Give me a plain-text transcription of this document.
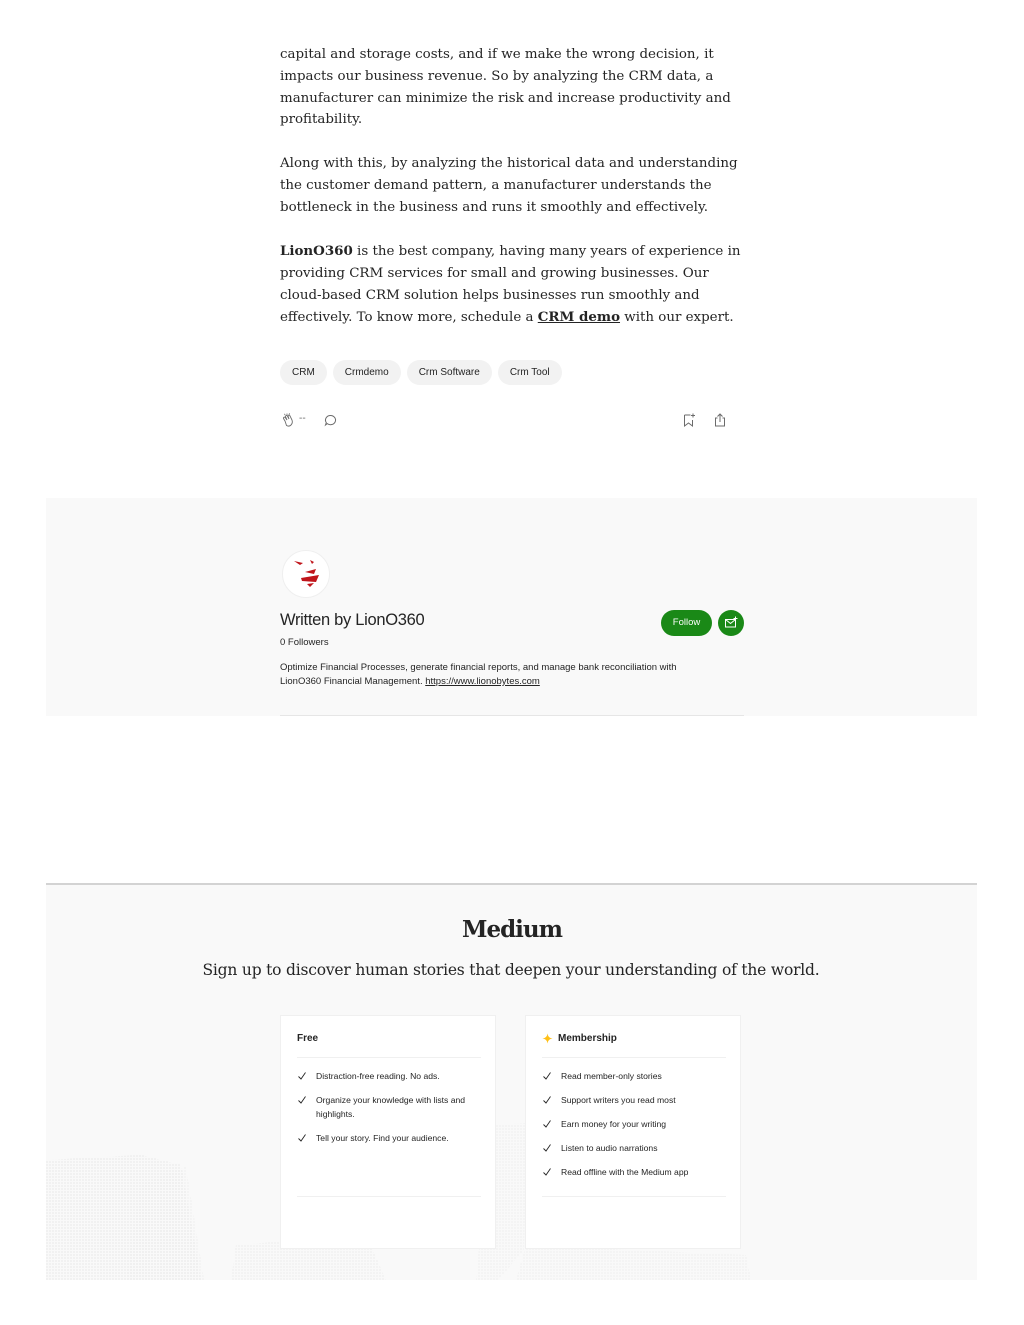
capital and storage costs, and if we make the wrong decision, it impacts our business revenue. So by analyzing the CRM data, a manufacturer can minimize the risk and increase productivity and profitability.

Along with this, by analyzing the historical data and understanding the customer demand pattern, a manufacturer understands the bottleneck in the business and runs it smoothly and effectively.

LionO360 is the best company, having many years of experience in providing CRM services for small and growing businesses. Our cloud-based CRM solution helps businesses run smoothly and effectively. To know more, schedule a CRM demo with our expert.

CRM	Crmdemo	Crm Software	Crm Tool
--
Written by LionO360
0 Followers
Optimize Financial Processes, generate financial reports, and manage bank reconciliation with LionO360 Financial Management. https://www.lionobytes.com
Follow
Medium
Sign up to discover human stories that deepen your understanding of the world.
Free
Distraction-free reading. No ads.
Organize your knowledge with lists and highlights.
Tell your story. Find your audience.
Membership
Read member-only stories
Support writers you read most
Earn money for your writing
Listen to audio narrations
Read offline with the Medium app
